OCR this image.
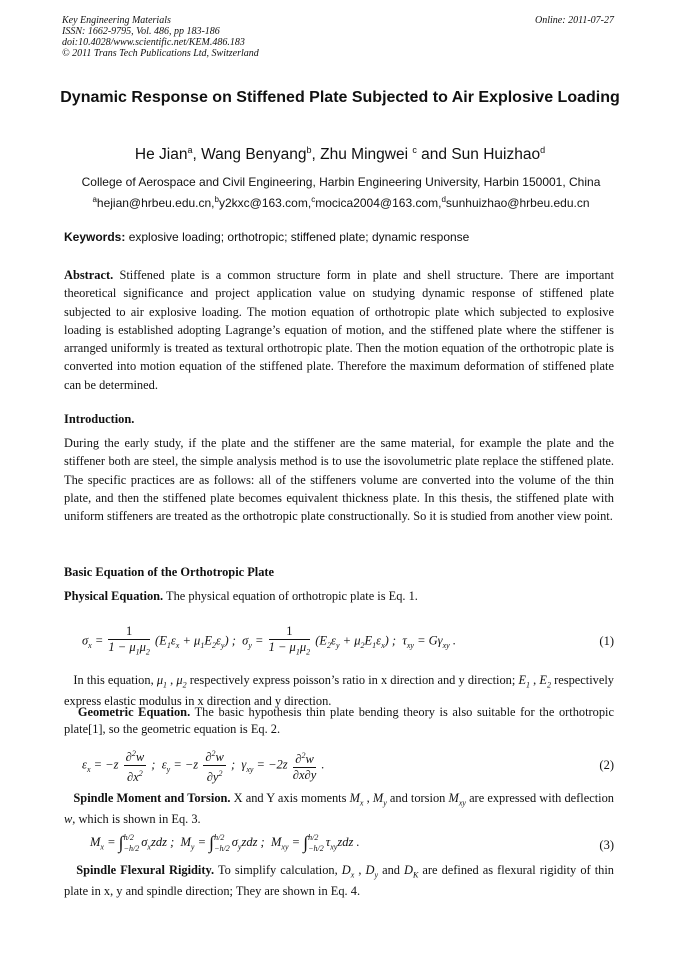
Key Engineering Materials
ISSN: 1662-9795, Vol. 486, pp 183-186
doi:10.4028/www.scientific.net/KEM.486.183
© 2011 Trans Tech Publications Ltd, Switzerland
Online: 2011-07-27
Dynamic Response on Stiffened Plate Subjected to Air Explosive Loading
He Jian$^a$, Wang Benyang$^b$, Zhu Mingwei $^c$ and Sun Huizhao$^d$
College of Aerospace and Civil Engineering, Harbin Engineering University, Harbin 150001, China
$^a$hejian@hrbeu.edu.cn,$^b$y2kxc@163.com,$^c$mocica2004@163.com,$^d$sunhuizhao@hrbeu.edu.cn
Keywords: explosive loading; orthotropic; stiffened plate; dynamic response
Abstract. Stiffened plate is a common structure form in plate and shell structure. There are important theoretical significance and project application value on studying dynamic response of stiffened plate subjected to air explosive loading. The motion equation of orthotropic plate which subjected to explosive loading is established adopting Lagrange’s equation of motion, and the stiffened plate where the stiffener is arranged uniformly is treated as textural orthotropic plate. Then the motion equation of the orthotropic plate is converted into motion equation of the stiffened plate. Therefore the maximum deformation of stiffened plate can be determined.
Introduction.
During the early study, if the plate and the stiffener are the same material, for example the plate and the stiffener both are steel, the simple analysis method is to use the isovolumetric plate replace the stiffened plate. The specific practices are as follows: all of the stiffeners volume are converted into the volume of the thin plate, and then the stiffened plate becomes equivalent thickness plate. In this thesis, the stiffened plate with uniform stiffeners are treated as the orthotropic plate constructionally. So it is studied from another view point.
Basic Equation of the Orthotropic Plate
Physical Equation. The physical equation of orthotropic plate is Eq. 1.
$\sigma_x = \frac{1}{1 - \mu_1\mu_2} (E_1\varepsilon_x + \mu_1E_2\varepsilon_y)$ ;  $\sigma_y = \frac{1}{1 - \mu_1\mu_2} (E_2\varepsilon_y + \mu_2E_1\varepsilon_x)$ ;  $\tau_{xy} = G\gamma_{xy}$ .	(1)
In this equation, $\mu_1$ , $\mu_2$ respectively express poisson’s ratio in x direction and y direction; $E_1$ , $E_2$ respectively express elastic modulus in x direction and y direction.
Geometric Equation. The basic hypothesis thin plate bending theory is also suitable for the orthotropic plate[1], so the geometric equation is Eq. 2.
$\varepsilon_x = -z \frac{\partial^2w}{\partial x^2}$ ;  $\varepsilon_y = -z \frac{\partial^2w}{\partial y^2}$ ;  $\gamma_{xy} = -2z \frac{\partial^2w}{\partial x\partial y}$ .	(2)
Spindle Moment and Torsion. X and Y axis moments $M_x$ , $M_y$ and torsion $M_{xy}$ are expressed with deflection w, which is shown in Eq. 3.
$M_x = \int h/2$
−h/2 $\sigma_xzdz$ ;  $M_y = \int h/2$
−h/2 $\sigma_yzdz$ ;  $M_{xy} = \int h/2$
−h/2 $\tau_{xy}zdz$ .	(3)
Spindle Flexural Rigidity. To simplify calculation, $D_x$ , $D_y$ and $D_K$ are defined as flexural rigidity of thin plate in x, y and spindle direction; They are shown in Eq. 4.
